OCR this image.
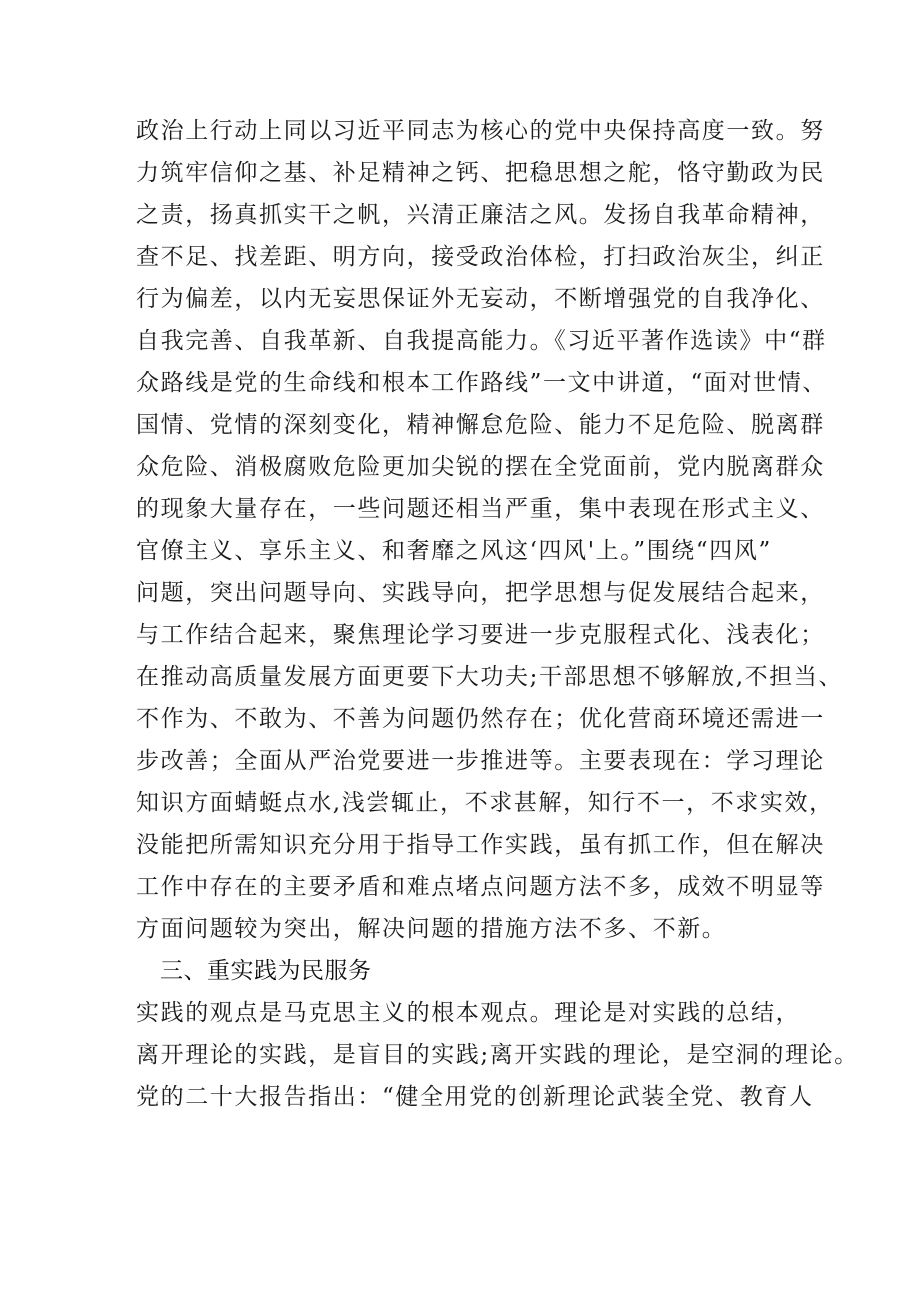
政治上行动上同以习近平同志为核心的党中央保持高度一致。努
力筑牢信仰之基、补足精神之钙、把稳思想之舵，恪守勤政为民
之责，扬真抓实干之帆，兴清正廉洁之风。发扬自我革命精神，
查不足、找差距、明方向，接受政治体检，打扫政治灰尘，纠正
行为偏差，以内无妄思保证外无妄动，不断增强党的自我净化、
自我完善、自我革新、自我提高能力。《习近平著作选读》中“群
众路线是党的生命线和根本工作路线”一文中讲道，“面对世情、
国情、党情的深刻变化，精神懈怠危险、能力不足危险、脱离群
众危险、消极腐败危险更加尖锐的摆在全党面前，党内脱离群众
的现象大量存在，一些问题还相当严重，集中表现在形式主义、
官僚主义、享乐主义、和奢靡之风这‘四风'上。”围绕“四风”
问题，突出问题导向、实践导向，把学思想与促发展结合起来，
与工作结合起来，聚焦理论学习要进一步克服程式化、浅表化；
在推动高质量发展方面更要下大功夫;干部思想不够解放,不担当、
不作为、不敢为、不善为问题仍然存在；优化营商环境还需进一
步改善；全面从严治党要进一步推进等。主要表现在：学习理论
知识方面蜻蜓点水,浅尝辄止，不求甚解，知行不一，不求实效，
没能把所需知识充分用于指导工作实践，虽有抓工作，但在解决
工作中存在的主要矛盾和难点堵点问题方法不多，成效不明显等
方面问题较为突出，解决问题的措施方法不多、不新。
三、重实践为民服务
实践的观点是马克思主义的根本观点。理论是对实践的总结，
离开理论的实践，是盲目的实践;离开实践的理论，是空洞的理论。
党的二十大报告指出：“健全用党的创新理论武装全党、教育人
